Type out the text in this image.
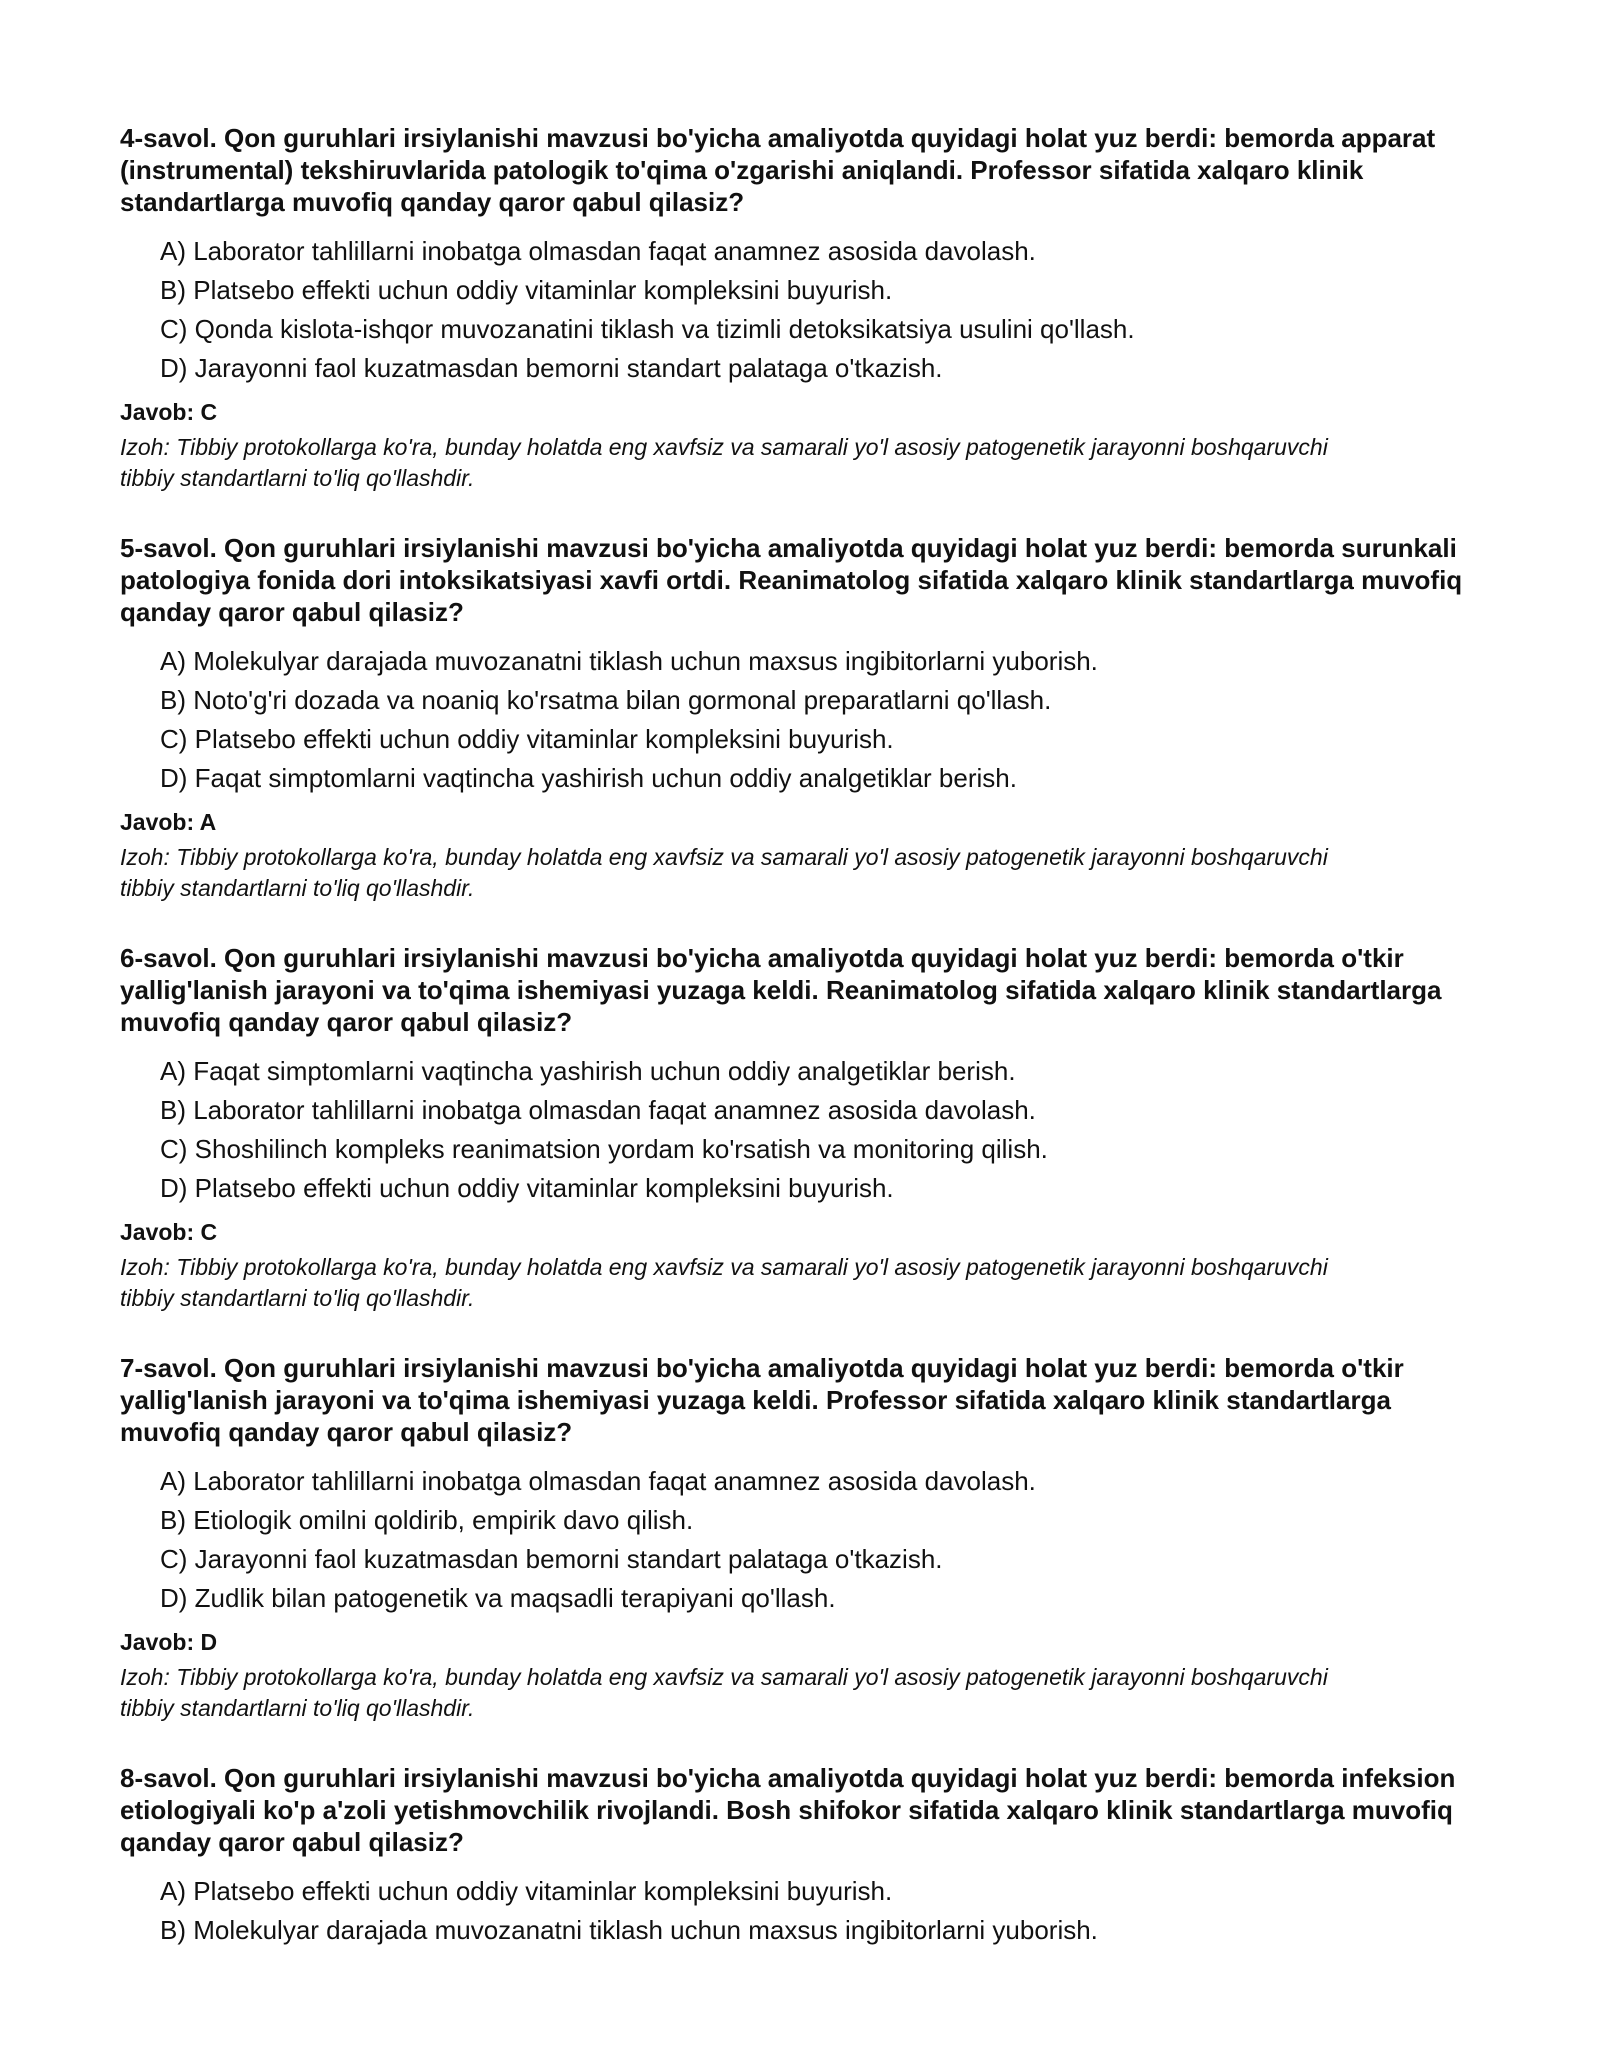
4-savol. Qon guruhlari irsiylanishi mavzusi bo'yicha amaliyotda quyidagi holat yuz berdi: bemorda apparat (instrumental) tekshiruvlarida patologik to'qima o'zgarishi aniqlandi. Professor sifatida xalqaro klinik standartlarga muvofiq qanday qaror qabul qilasiz?
A) Laborator tahlillarni inobatga olmasdan faqat anamnez asosida davolash.
B) Platsebo effekti uchun oddiy vitaminlar kompleksini buyurish.
C) Qonda kislota-ishqor muvozanatini tiklash va tizimli detoksikatsiya usulini qo'llash.
D) Jarayonni faol kuzatmasdan bemorni standart palataga o'tkazish.
Javob: C
Izoh: Tibbiy protokollarga ko'ra, bunday holatda eng xavfsiz va samarali yo'l asosiy patogenetik jarayonni boshqaruvchi tibbiy standartlarni to'liq qo'llashdir.
5-savol. Qon guruhlari irsiylanishi mavzusi bo'yicha amaliyotda quyidagi holat yuz berdi: bemorda surunkali patologiya fonida dori intoksikatsiyasi xavfi ortdi. Reanimatolog sifatida xalqaro klinik standartlarga muvofiq qanday qaror qabul qilasiz?
A) Molekulyar darajada muvozanatni tiklash uchun maxsus ingibitorlarni yuborish.
B) Noto'g'ri dozada va noaniq ko'rsatma bilan gormonal preparatlarni qo'llash.
C) Platsebo effekti uchun oddiy vitaminlar kompleksini buyurish.
D) Faqat simptomlarni vaqtincha yashirish uchun oddiy analgetiklar berish.
Javob: A
Izoh: Tibbiy protokollarga ko'ra, bunday holatda eng xavfsiz va samarali yo'l asosiy patogenetik jarayonni boshqaruvchi tibbiy standartlarni to'liq qo'llashdir.
6-savol. Qon guruhlari irsiylanishi mavzusi bo'yicha amaliyotda quyidagi holat yuz berdi: bemorda o'tkir yallig'lanish jarayoni va to'qima ishemiyasi yuzaga keldi. Reanimatolog sifatida xalqaro klinik standartlarga muvofiq qanday qaror qabul qilasiz?
A) Faqat simptomlarni vaqtincha yashirish uchun oddiy analgetiklar berish.
B) Laborator tahlillarni inobatga olmasdan faqat anamnez asosida davolash.
C) Shoshilinch kompleks reanimatsion yordam ko'rsatish va monitoring qilish.
D) Platsebo effekti uchun oddiy vitaminlar kompleksini buyurish.
Javob: C
Izoh: Tibbiy protokollarga ko'ra, bunday holatda eng xavfsiz va samarali yo'l asosiy patogenetik jarayonni boshqaruvchi tibbiy standartlarni to'liq qo'llashdir.
7-savol. Qon guruhlari irsiylanishi mavzusi bo'yicha amaliyotda quyidagi holat yuz berdi: bemorda o'tkir yallig'lanish jarayoni va to'qima ishemiyasi yuzaga keldi. Professor sifatida xalqaro klinik standartlarga muvofiq qanday qaror qabul qilasiz?
A) Laborator tahlillarni inobatga olmasdan faqat anamnez asosida davolash.
B) Etiologik omilni qoldirib, empirik davo qilish.
C) Jarayonni faol kuzatmasdan bemorni standart palataga o'tkazish.
D) Zudlik bilan patogenetik va maqsadli terapiyani qo'llash.
Javob: D
Izoh: Tibbiy protokollarga ko'ra, bunday holatda eng xavfsiz va samarali yo'l asosiy patogenetik jarayonni boshqaruvchi tibbiy standartlarni to'liq qo'llashdir.
8-savol. Qon guruhlari irsiylanishi mavzusi bo'yicha amaliyotda quyidagi holat yuz berdi: bemorda infeksion etiologiyali ko'p a'zoli yetishmovchilik rivojlandi. Bosh shifokor sifatida xalqaro klinik standartlarga muvofiq qanday qaror qabul qilasiz?
A) Platsebo effekti uchun oddiy vitaminlar kompleksini buyurish.
B) Molekulyar darajada muvozanatni tiklash uchun maxsus ingibitorlarni yuborish.
